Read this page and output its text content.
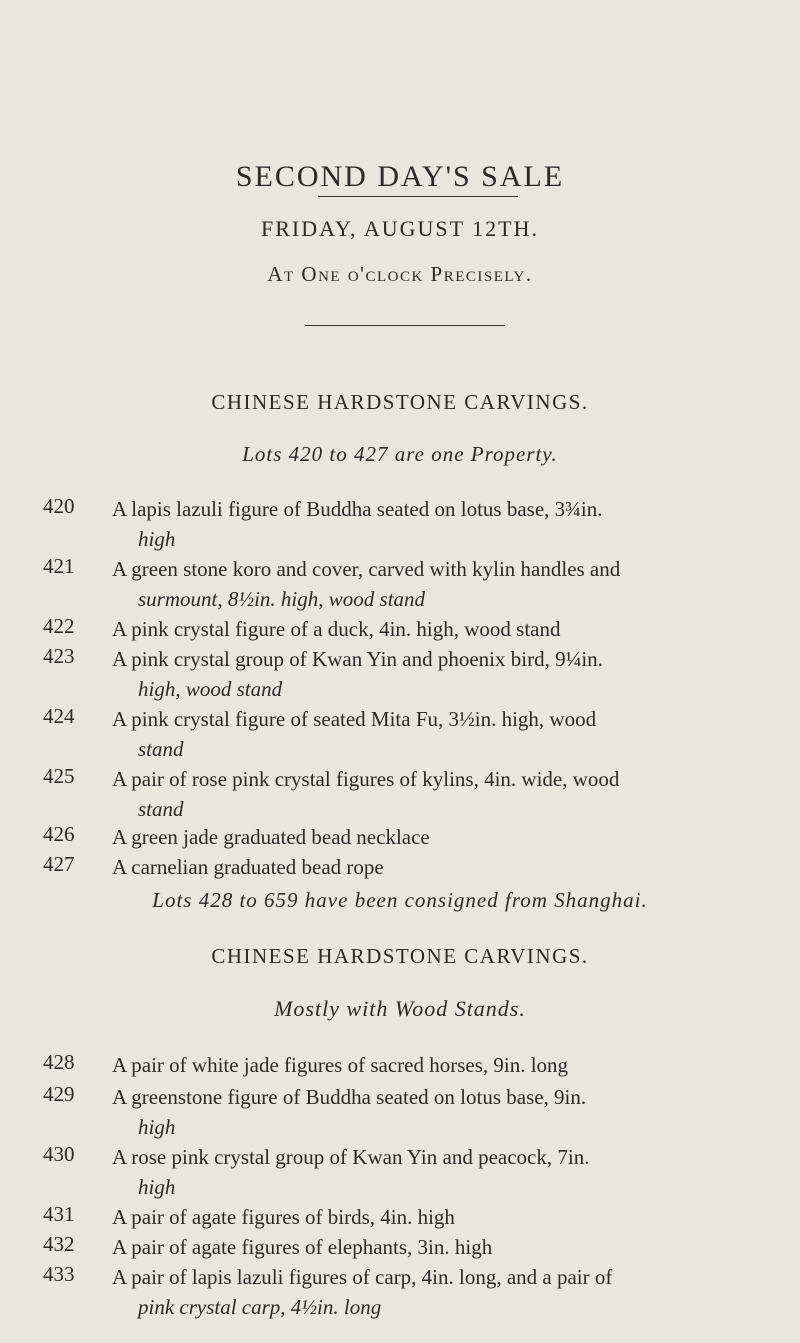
SECOND DAY'S SALE
FRIDAY, AUGUST 12TH.
At One o'clock Precisely.
CHINESE HARDSTONE CARVINGS.
Lots 420 to 427 are one Property.
420 A lapis lazuli figure of Buddha seated on lotus base, 3¾in.
high
421 A green stone koro and cover, carved with kylin handles and
surmount, 8½in. high, wood stand
422 A pink crystal figure of a duck, 4in. high, wood stand
423 A pink crystal group of Kwan Yin and phoenix bird, 9¼in.
high, wood stand
424 A pink crystal figure of seated Mita Fu, 3½in. high, wood
stand
425 A pair of rose pink crystal figures of kylins, 4in. wide, wood
stand
426 A green jade graduated bead necklace
427 A carnelian graduated bead rope
Lots 428 to 659 have been consigned from Shanghai.
CHINESE HARDSTONE CARVINGS.
Mostly with Wood Stands.
428 A pair of white jade figures of sacred horses, 9in. long
429 A greenstone figure of Buddha seated on lotus base, 9in.
high
430 A rose pink crystal group of Kwan Yin and peacock, 7in.
high
431 A pair of agate figures of birds, 4in. high
432 A pair of agate figures of elephants, 3in. high
433 A pair of lapis lazuli figures of carp, 4in. long, and a pair of
pink crystal carp, 4½in. long
